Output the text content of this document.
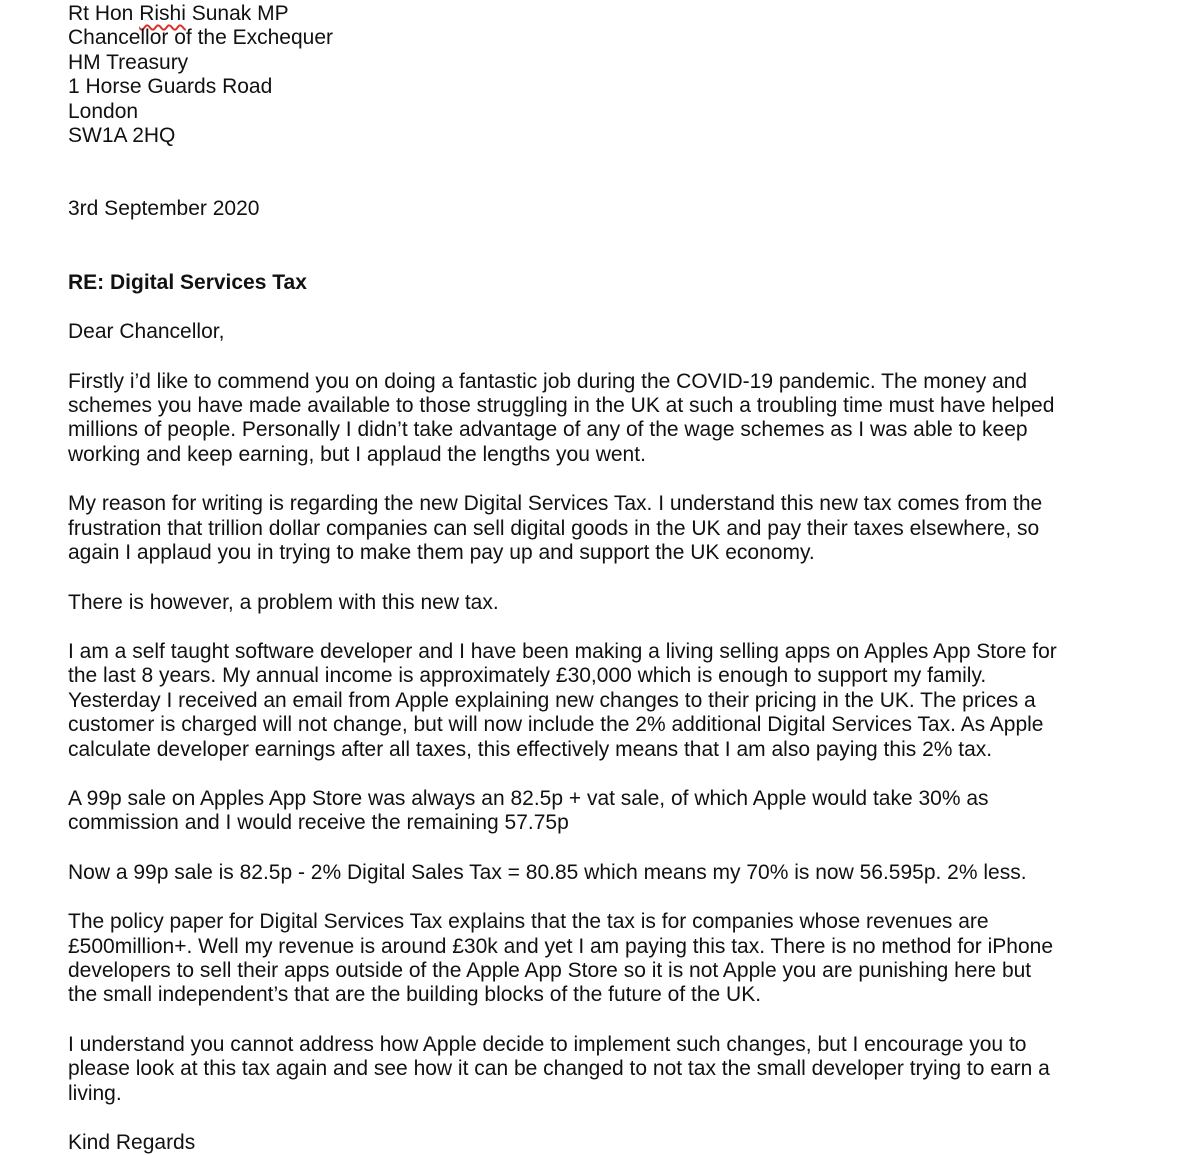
Rt Hon Rishi Sunak MP
Chancellor of the Exchequer
HM Treasury
1 Horse Guards Road
London
SW1A 2HQ
3rd September 2020
RE: Digital Services Tax
Dear Chancellor,
Firstly i’d like to commend you on doing a fantastic job during the COVID-19 pandemic. The money and
schemes you have made available to those struggling in the UK at such a troubling time must have helped
millions of people. Personally I didn’t take advantage of any of the wage schemes as I was able to keep
working and keep earning, but I applaud the lengths you went.
My reason for writing is regarding the new Digital Services Tax. I understand this new tax comes from the
frustration that trillion dollar companies can sell digital goods in the UK and pay their taxes elsewhere, so
again I applaud you in trying to make them pay up and support the UK economy.
There is however, a problem with this new tax.
I am a self taught software developer and I have been making a living selling apps on Apples App Store for
the last 8 years. My annual income is approximately £30,000 which is enough to support my family.
Yesterday I received an email from Apple explaining new changes to their pricing in the UK. The prices a
customer is charged will not change, but will now include the 2% additional Digital Services Tax. As Apple
calculate developer earnings after all taxes, this effectively means that I am also paying this 2% tax.
A 99p sale on Apples App Store was always an 82.5p + vat sale, of which Apple would take 30% as
commission and I would receive the remaining 57.75p
Now a 99p sale is 82.5p - 2% Digital Sales Tax = 80.85 which means my 70% is now 56.595p. 2% less.
The policy paper for Digital Services Tax explains that the tax is for companies whose revenues are
£500million+. Well my revenue is around £30k and yet I am paying this tax. There is no method for iPhone
developers to sell their apps outside of the Apple App Store so it is not Apple you are punishing here but
the small independent’s that are the building blocks of the future of the UK.
I understand you cannot address how Apple decide to implement such changes, but I encourage you to
please look at this tax again and see how it can be changed to not tax the small developer trying to earn a
living.
Kind Regards
